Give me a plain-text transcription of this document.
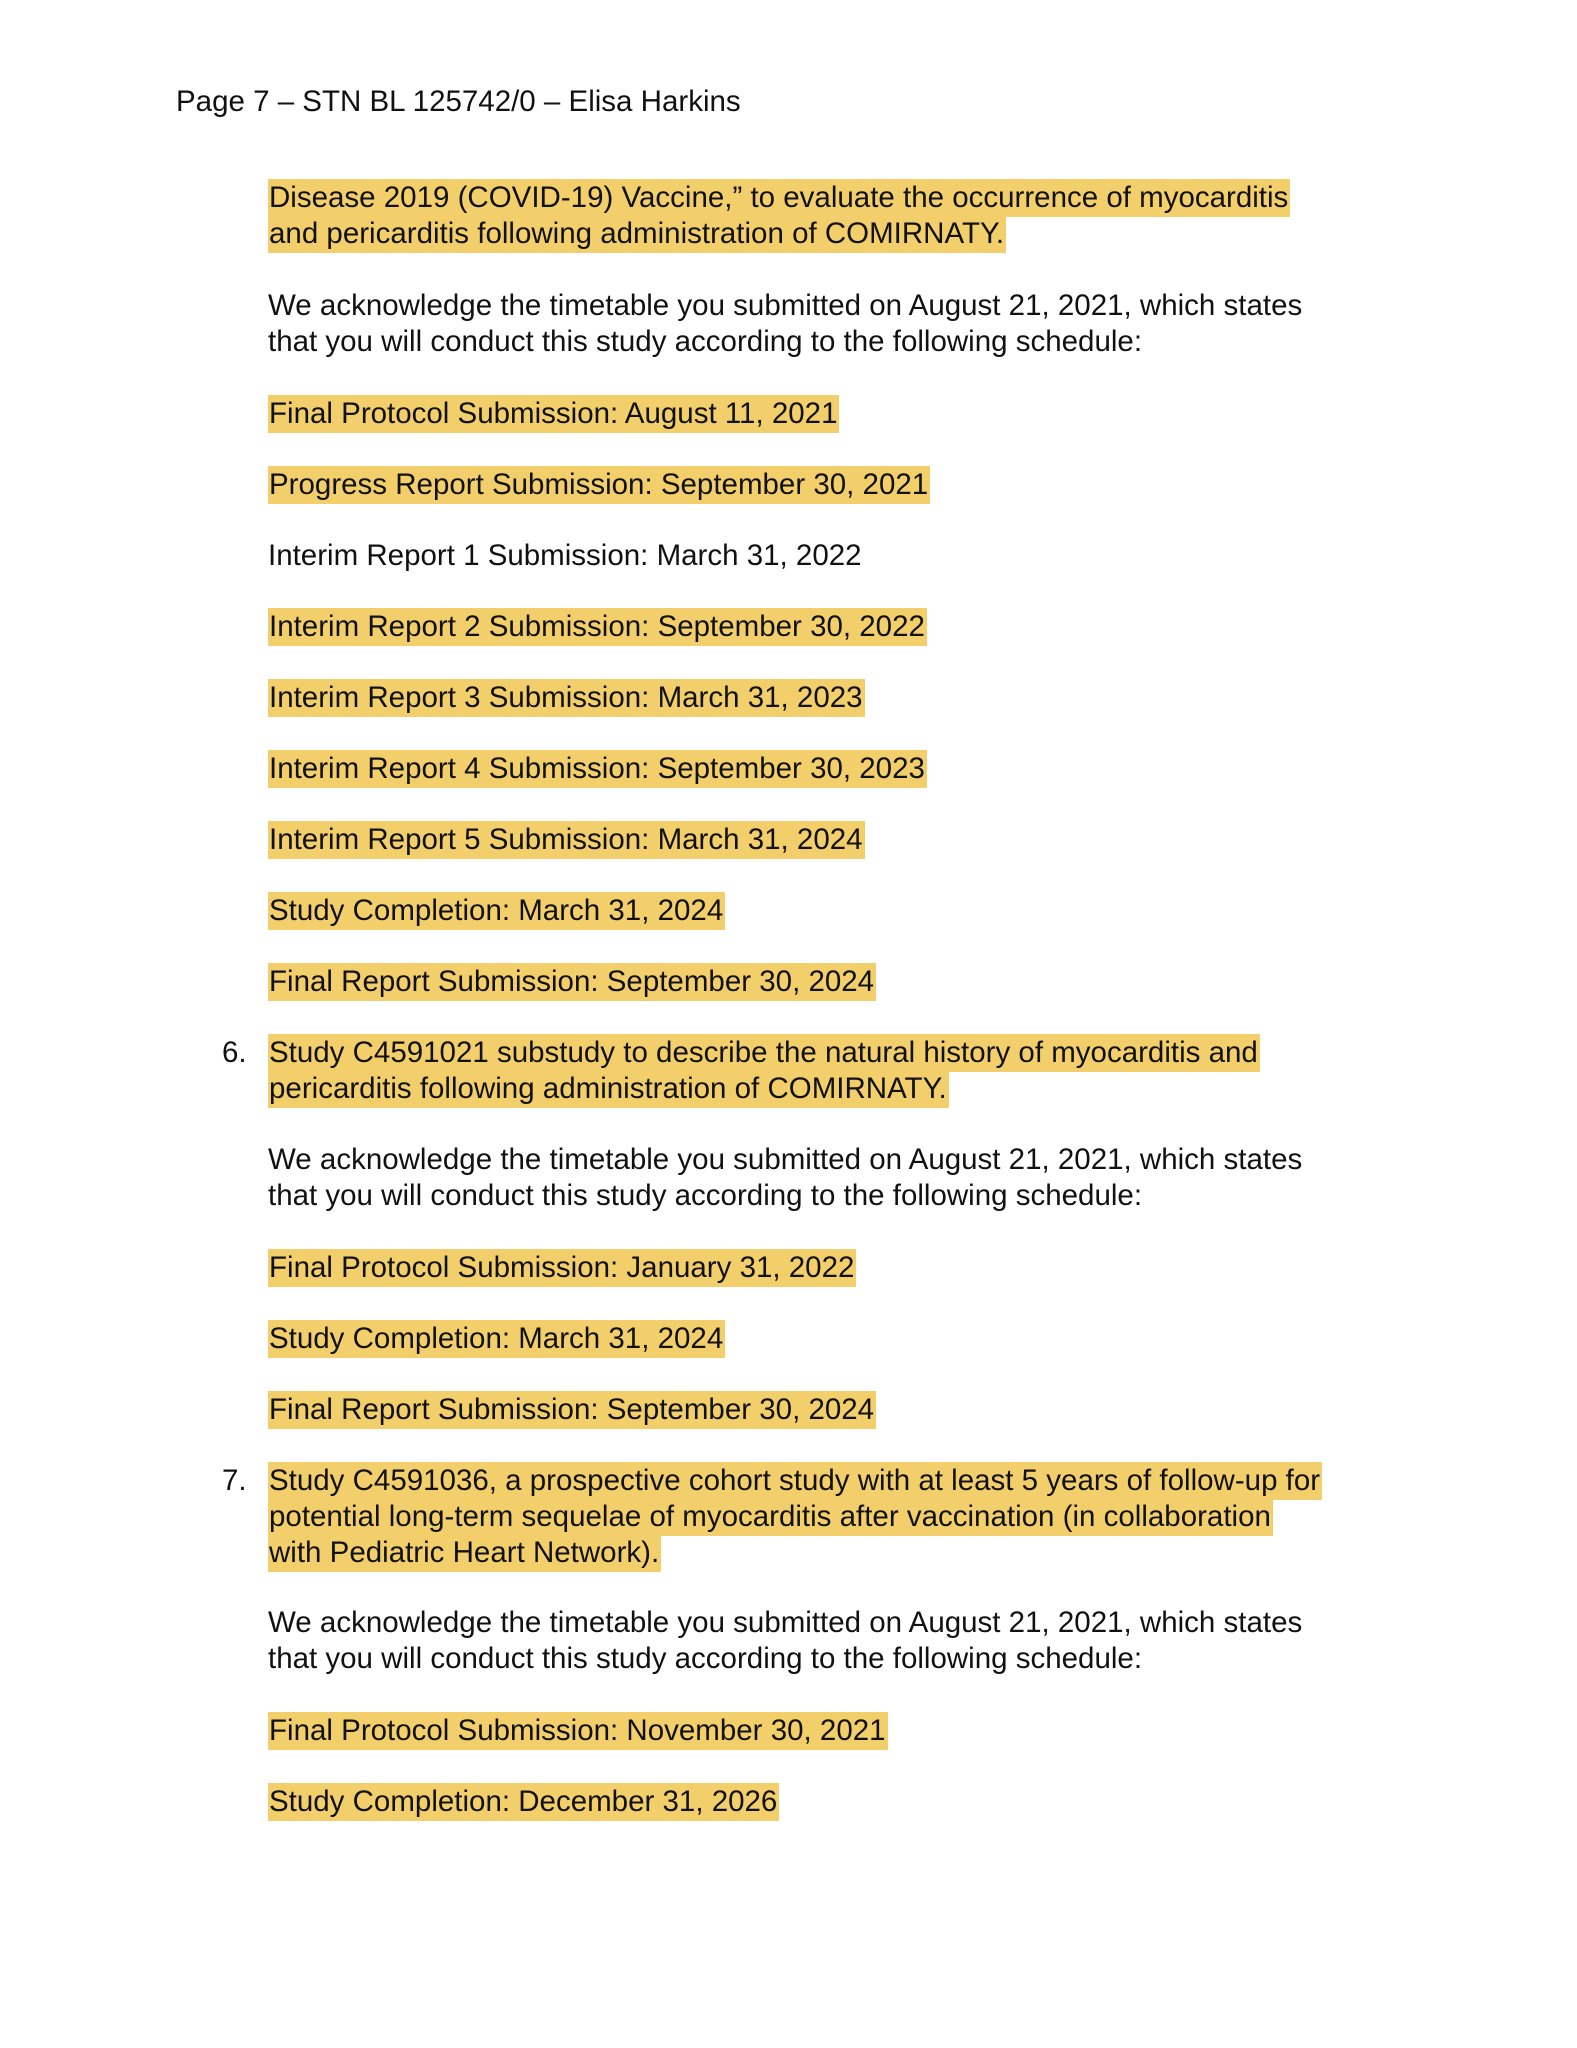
Page 7 – STN BL 125742/0 – Elisa Harkins
Disease 2019 (COVID-19) Vaccine,” to evaluate the occurrence of myocarditis
and pericarditis following administration of COMIRNATY.
We acknowledge the timetable you submitted on August 21, 2021, which states
that you will conduct this study according to the following schedule:
Final Protocol Submission: August 11, 2021
Progress Report Submission: September 30, 2021
Interim Report 1 Submission: March 31, 2022
Interim Report 2 Submission: September 30, 2022
Interim Report 3 Submission: March 31, 2023
Interim Report 4 Submission: September 30, 2023
Interim Report 5 Submission: March 31, 2024
Study Completion: March 31, 2024
Final Report Submission: September 30, 2024
6. Study C4591021 substudy to describe the natural history of myocarditis and
pericarditis following administration of COMIRNATY.
We acknowledge the timetable you submitted on August 21, 2021, which states
that you will conduct this study according to the following schedule:
Final Protocol Submission: January 31, 2022
Study Completion: March 31, 2024
Final Report Submission: September 30, 2024
7. Study C4591036, a prospective cohort study with at least 5 years of follow-up for
potential long-term sequelae of myocarditis after vaccination (in collaboration
with Pediatric Heart Network).
We acknowledge the timetable you submitted on August 21, 2021, which states
that you will conduct this study according to the following schedule:
Final Protocol Submission: November 30, 2021
Study Completion: December 31, 2026
